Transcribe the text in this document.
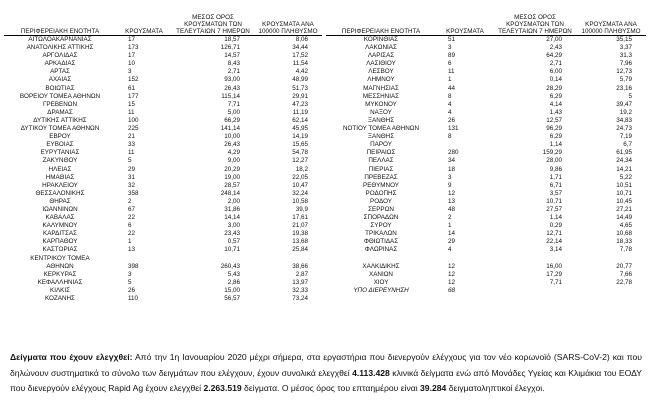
ΠΕΡΙΦΕΡΕΙΑΚΗ ΕΝΟΤΗΤΑ	ΚΡΟΥΣΜΑΤΑ	ΜΕΣΟΣ ΟΡΟΣ ΚΡΟΥΣΜΑΤΩΝ ΤΩΝ ΤΕΛΕΥΤΑΙΩΝ 7 ΗΜΕΡΩΝ	ΚΡΟΥΣΜΑΤΑ ΑΝΑ 100000 ΠΛΗΘΥΣΜΟ
ΑΙΤΩΛΟΑΚΑΡΝΑΝΙΑΣ	17	18,57	8,06
ΑΝΑΤΟΛΙΚΗΣ ΑΤΤΙΚΗΣ	173	126,71	34,44
ΑΡΓΟΛΙΔΑΣ	17	14,57	17,52
ΑΡΚΑΔΙΑΣ	10	8,43	11,54
ΑΡΤΑΣ	3	2,71	4,42
ΑΧΑΪΑΣ	152	93,00	48,99
ΒΟΙΩΤΙΑΣ	61	26,43	51,73
ΒΟΡΕΙΟΥ ΤΟΜΕΑ ΑΘΗΝΩΝ	177	115,14	29,91
ΓΡΕΒΕΝΩΝ	15	7,71	47,23
ΔΡΑΜΑΣ	11	5,00	11,19
ΔΥΤΙΚΗΣ ΑΤΤΙΚΗΣ	100	66,29	62,14
ΔΥΤΙΚΟΥ ΤΟΜΕΑ ΑΘΗΝΩΝ	225	141,14	45,95
ΕΒΡΟΥ	21	10,00	14,19
ΕΥΒΟΙΑΣ	33	26,43	15,65
ΕΥΡΥΤΑΝΙΑΣ	11	4,29	54,78
ΖΑΚΥΝΘΟΥ	5	9,00	12,27
ΗΛΕΙΑΣ	29	20,29	18,2
ΗΜΑΘΙΑΣ	31	19,00	22,05
ΗΡΑΚΛΕΙΟΥ	32	28,57	10,47
ΘΕΣΣΑΛΟΝΙΚΗΣ	358	248,14	32,24
ΘΗΡΑΣ	2	2,00	10,58
ΙΩΑΝΝΙΝΩΝ	67	31,86	39,9
ΚΑΒΑΛΑΣ	22	14,14	17,61
ΚΑΛΥΜΝΟΥ	6	3,00	21,07
ΚΑΡΔΙΤΣΑΣ	22	23,43	19,38
ΚΑΡΠΑΘΟΥ	1	0,57	13,68
ΚΑΣΤΟΡΙΑΣ	13	10,71	25,84
ΚΕΝΤΡΙΚΟΥ ΤΟΜΕΑ			
ΑΘΗΝΩΝ	398	260,43	38,66
ΚΕΡΚΥΡΑΣ	3	5,43	2,87
ΚΕΦΑΛΛΗΝΙΑΣ	5	2,86	13,97
ΚΙΛΚΙΣ	26	15,00	32,33
ΚΟΖΑΝΗΣ	110	56,57	73,24
ΠΕΡΙΦΕΡΕΙΑΚΗ ΕΝΟΤΗΤΑ	ΚΡΟΥΣΜΑΤΑ	ΜΕΣΟΣ ΟΡΟΣ ΚΡΟΥΣΜΑΤΩΝ ΤΩΝ ΤΕΛΕΥΤΑΙΩΝ 7 ΗΜΕΡΩΝ	ΚΡΟΥΣΜΑΤΑ ΑΝΑ 100000 ΠΛΗΘΥΣΜΟ
ΚΟΡΙΝΘΙΑΣ	51	27,00	35,15
ΛΑΚΩΝΙΑΣ	3	2,43	3,37
ΛΑΡΙΣΑΣ	89	64,29	31,3
ΛΑΣΙΘΙΟΥ	6	2,71	7,96
ΛΕΣΒΟΥ	11	6,00	12,73
ΛΗΜΝΟΥ	1	0,14	5,79
ΜΑΓΝΗΣΙΑΣ	44	28,29	23,16
ΜΕΣΣΗΝΙΑΣ	8	6,29	5
ΜΥΚΟΝΟΥ	4	4,14	39,47
ΝΑΞΟΥ	4	1,43	19,2
ΞΑΝΘΗΣ	26	12,57	34,83
ΝΟΤΙΟΥ ΤΟΜΕΑ ΑΘΗΝΩΝ	131	96,29	24,73
ΞΑΝΘΗΣ	8	6,29	7,19
ΠΑΡΟΥ		1,14	6,7
ΠΕΙΡΑΙΩΣ	280	159,29	61,95
ΠΕΛΛΑΣ	34	28,00	24,34
ΠΙΕΡΙΑΣ	18	9,86	14,21
ΠΡΕΒΕΖΑΣ	3	1,71	5,22
ΡΕΘΥΜΝΟΥ	9	6,71	10,51
ΡΟΔΟΠΗΣ	12	3,57	10,71
ΡΟΔΟΥ	13	10,71	10,45
ΣΕΡΡΩΝ	48	27,57	27,21
ΣΠΟΡΑΔΩΝ	2	1,14	14,49
ΣΥΡΟΥ	1	0,29	4,65
ΤΡΙΚΑΛΩΝ	14	12,71	10,68
ΦΘΙΩΤΙΔΑΣ	29	22,14	18,33
ΦΛΩΡΙΝΑΣ	4	3,14	7,78

ΧΑΛΚΙΔΙΚΗΣ	12	16,00	20,77
ΧΑΝΙΩΝ	12	17,29	7,66
ΧΙΟΥ	12	7,71	22,78
ΥΠΟ ΔΙΕΡΕΥΝΗΣΗ	68		

Δείγματα που έχουν ελεγχθεί: Από την 1η Ιανουαρίου 2020 μέχρι σήμερα, στα εργαστήρια που διενεργούν ελέγχους για τον νέο κορωνοϊό (SARS-CoV-2) και που δηλώνουν συστηματικά το σύνολο των δειγμάτων που ελέγχουν, έχουν συνολικά ελεγχθεί 4.113.428 κλινικά δείγματα ενώ από Μονάδες Υγείας και Κλιμάκια του ΕΟΔΥ που διενεργούν ελέγχους Rapid Ag έχουν ελεγχθεί 2.263.519 δείγματα. Ο μέσος όρος του επταημέρου είναι 39.284 δειγματοληπτικοί έλεγχοι.
